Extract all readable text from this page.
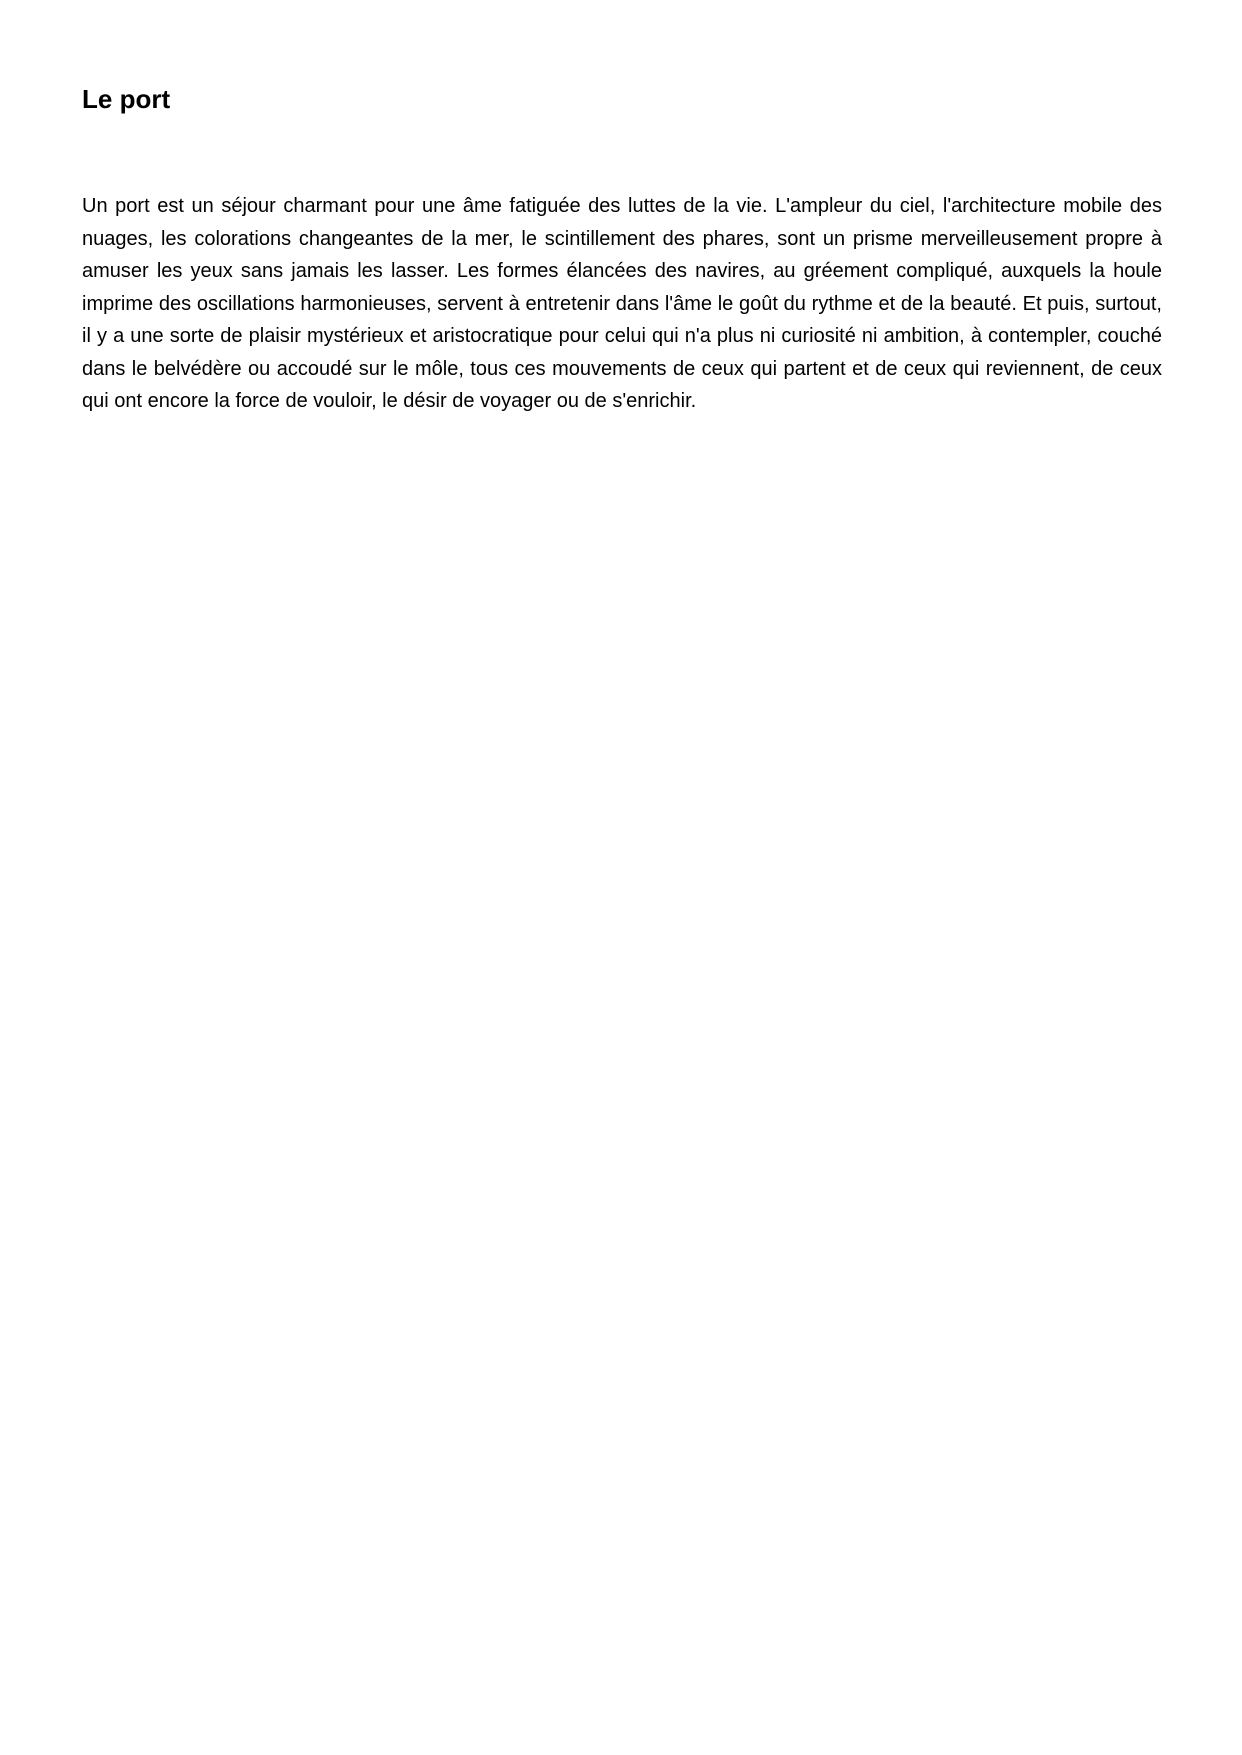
Le port

Un port est un séjour charmant pour une âme fatiguée des luttes de la vie. L'ampleur du ciel, l'architecture mobile des nuages, les colorations changeantes de la mer, le scintillement des phares, sont un prisme merveilleusement propre à amuser les yeux sans jamais les lasser. Les formes élancées des navires, au gréement compliqué, auxquels la houle imprime des oscillations harmonieuses, servent à entretenir dans l'âme le goût du rythme et de la beauté. Et puis, surtout, il y a une sorte de plaisir mystérieux et aristocratique pour celui qui n'a plus ni curiosité ni ambition, à contempler, couché dans le belvédère ou accoudé sur le môle, tous ces mouvements de ceux qui partent et de ceux qui reviennent, de ceux qui ont encore la force de vouloir, le désir de voyager ou de s'enrichir.
